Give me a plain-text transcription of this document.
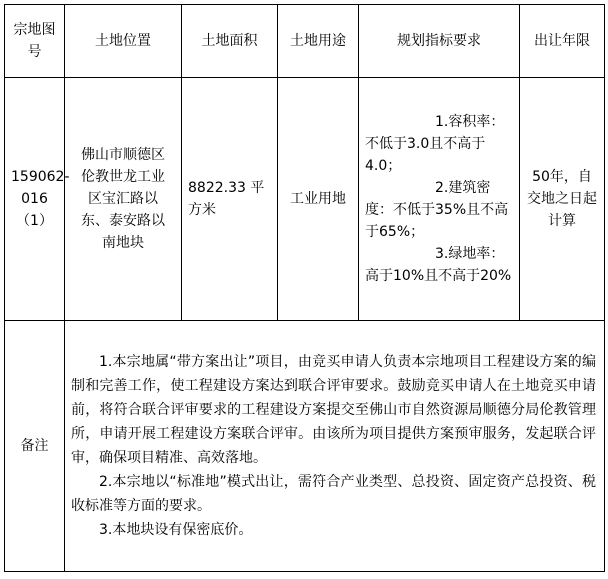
宗地图号	土地位置	土地面积	土地用途	规划指标要求	出让年限

159062-
016
（1）	佛山市顺德区伦教世龙工业区宝汇路以东、泰安路以南地块	8822.33 平方米	工业用地	1.容积率：不低于3.0且不高于4.0；
2.建筑密度：不低于35%且不高于65%；
3.绿地率：高于10%且不高于20%	50年，自交地之日起计算
备注	1.本宗地属“带方案出让”项目，由竞买申请人负责本宗地项目工程建设方案的编制和完善工作，使工程建设方案达到联合评审要求。鼓励竞买申请人在土地竞买申请前，将符合联合评审要求的工程建设方案提交至佛山市自然资源局顺德分局伦教管理所，申请开展工程建设方案联合评审。由该所为项目提供方案预审服务，发起联合评审，确保项目精准、高效落地。
2.本宗地以“标准地”模式出让，需符合产业类型、总投资、固定资产总投资、税收标准等方面的要求。
3.本地块设有保密底价。				
